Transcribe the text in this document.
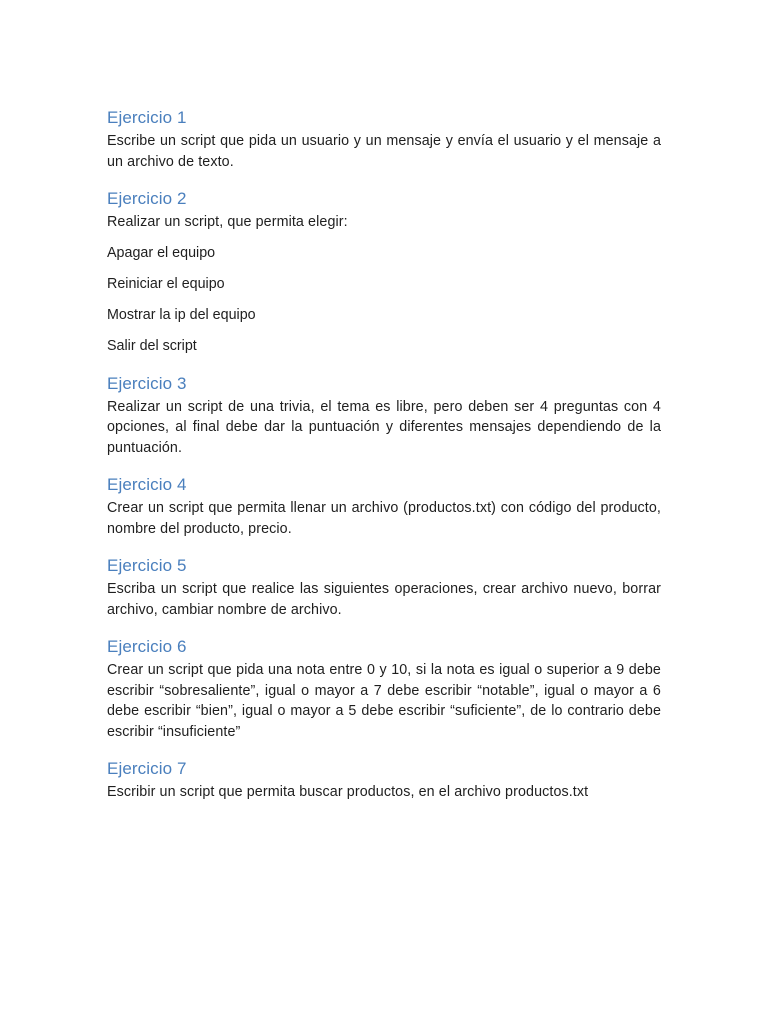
Ejercicio 1

Escribe un script que pida un usuario y un mensaje y envía el usuario y el mensaje a un archivo de texto.

Ejercicio 2

Realizar un script, que permita elegir:

Apagar el equipo
Reiniciar el equipo
Mostrar la ip del equipo
Salir del script
Ejercicio 3

Realizar un script de una trivia, el tema es libre, pero deben ser 4 preguntas con 4 opciones, al final debe dar la puntuación y diferentes mensajes dependiendo de la puntuación.

Ejercicio 4

Crear un script que permita llenar un archivo (productos.txt) con código del producto, nombre del producto, precio.

Ejercicio 5

Escriba un script que realice las siguientes operaciones, crear archivo nuevo, borrar archivo, cambiar nombre de archivo.

Ejercicio 6

Crear un script que pida una nota entre 0 y 10, si la nota es igual o superior a 9 debe escribir “sobresaliente”, igual o mayor a 7 debe escribir “notable”, igual o mayor a 6 debe escribir “bien”, igual o mayor a 5 debe escribir “suficiente”, de lo contrario debe escribir “insuficiente”

Ejercicio 7

Escribir un script que permita buscar productos, en el archivo productos.txt
